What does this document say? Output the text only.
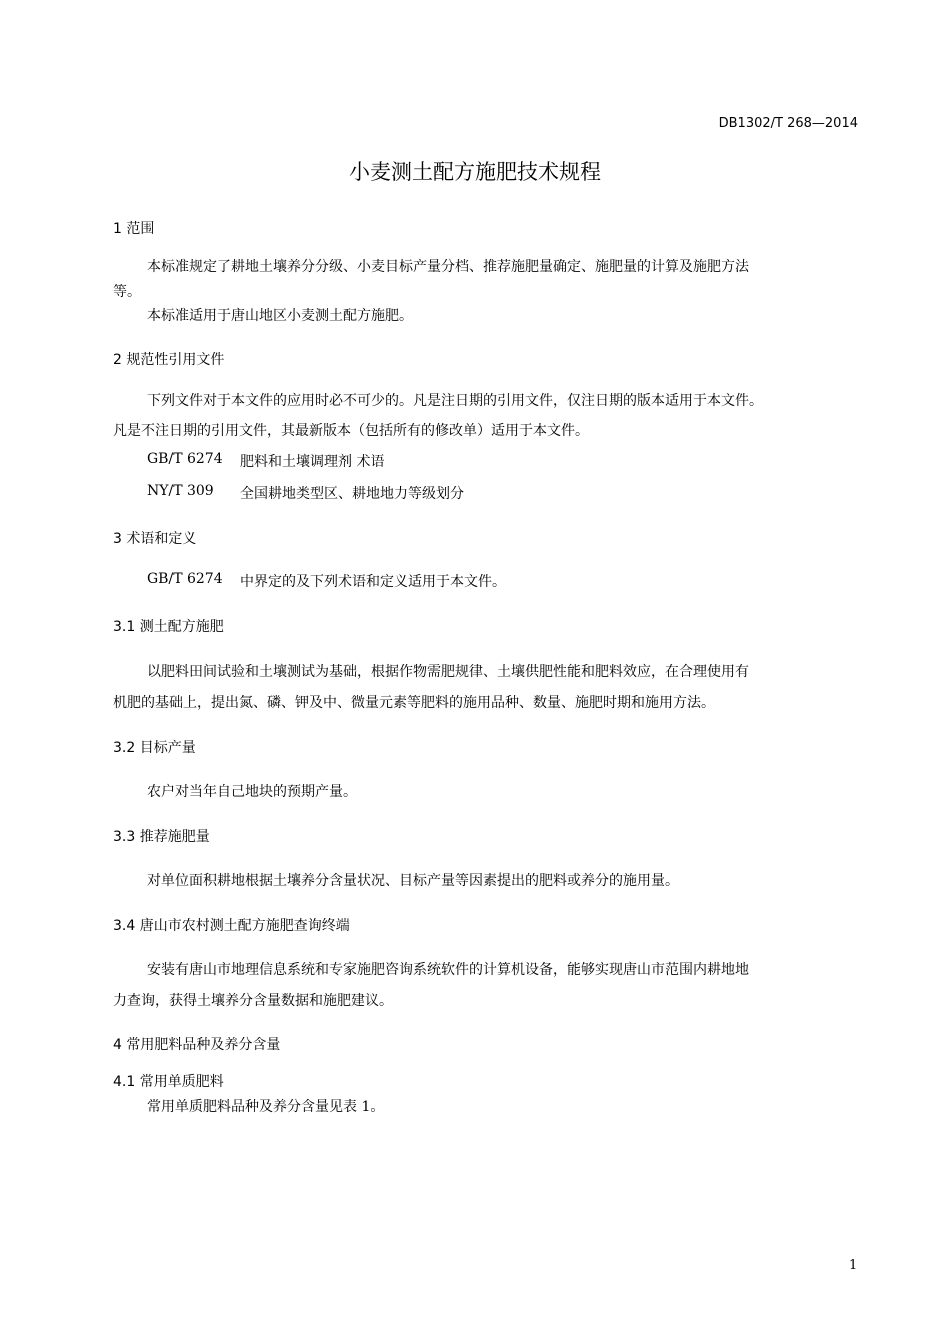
DB1302/T 268—2014
小麦测土配方施肥技术规程
1 范围
本标准规定了耕地土壤养分分级、小麦目标产量分档、推荐施肥量确定、施肥量的计算及施肥方法
等。
本标准适用于唐山地区小麦测土配方施肥。
2 规范性引用文件
下列文件对于本文件的应用时必不可少的。凡是注日期的引用文件，仅注日期的版本适用于本文件。
凡是不注日期的引用文件，其最新版本（包括所有的修改单）适用于本文件。
GB/T 6274 肥料和土壤调理剂 术语
NY/T 309 全国耕地类型区、耕地地力等级划分
3 术语和定义
GB/T 6274 中界定的及下列术语和定义适用于本文件。
3.1 测土配方施肥
以肥料田间试验和土壤测试为基础，根据作物需肥规律、土壤供肥性能和肥料效应，在合理使用有
机肥的基础上，提出氮、磷、钾及中、微量元素等肥料的施用品种、数量、施肥时期和施用方法。
3.2 目标产量
农户对当年自己地块的预期产量。
3.3 推荐施肥量
对单位面积耕地根据土壤养分含量状况、目标产量等因素提出的肥料或养分的施用量。
3.4 唐山市农村测土配方施肥查询终端
安装有唐山市地理信息系统和专家施肥咨询系统软件的计算机设备，能够实现唐山市范围内耕地地
力查询，获得土壤养分含量数据和施肥建议。
4 常用肥料品种及养分含量
4.1 常用单质肥料
常用单质肥料品种及养分含量见表 1。
1
